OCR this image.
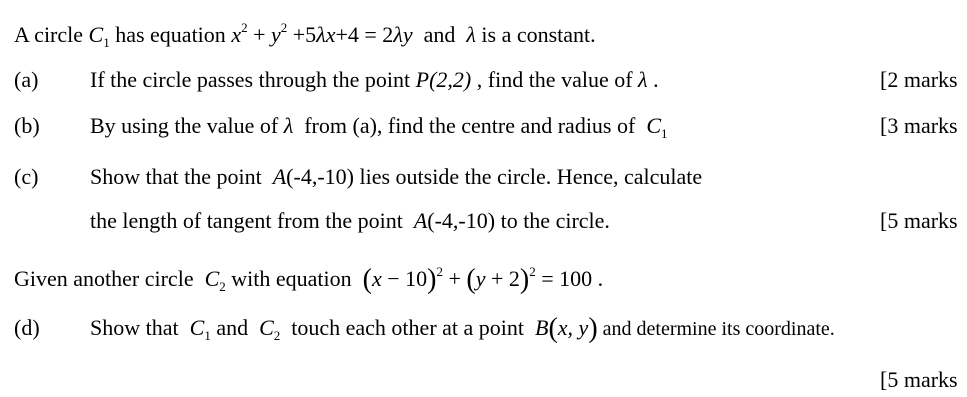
A circle $C_1$ has equation $x^2 + y^2 +5\lambda x+4 = 2\lambda y$  and  λ is a constant.
(a) If the circle passes through the point P(2,2) , find the value of λ .	[2 marks
(b) By using the value of λ  from (a), find the centre and radius of  $C_1$	[3 marks
(c) Show that the point  A(-4,-10) lies outside the circle. Hence, calculate
the length of tangent from the point  A(-4,-10) to the circle.	[5 marks
Given another circle  $C_2$ with equation  $(x - 10)^2 + (y + 2)^2 = 100$ .
(d) Show that  $C_1$ and  $C_2$  touch each other at a point  B(x, y) and determine its coordinate.
[5 marks
